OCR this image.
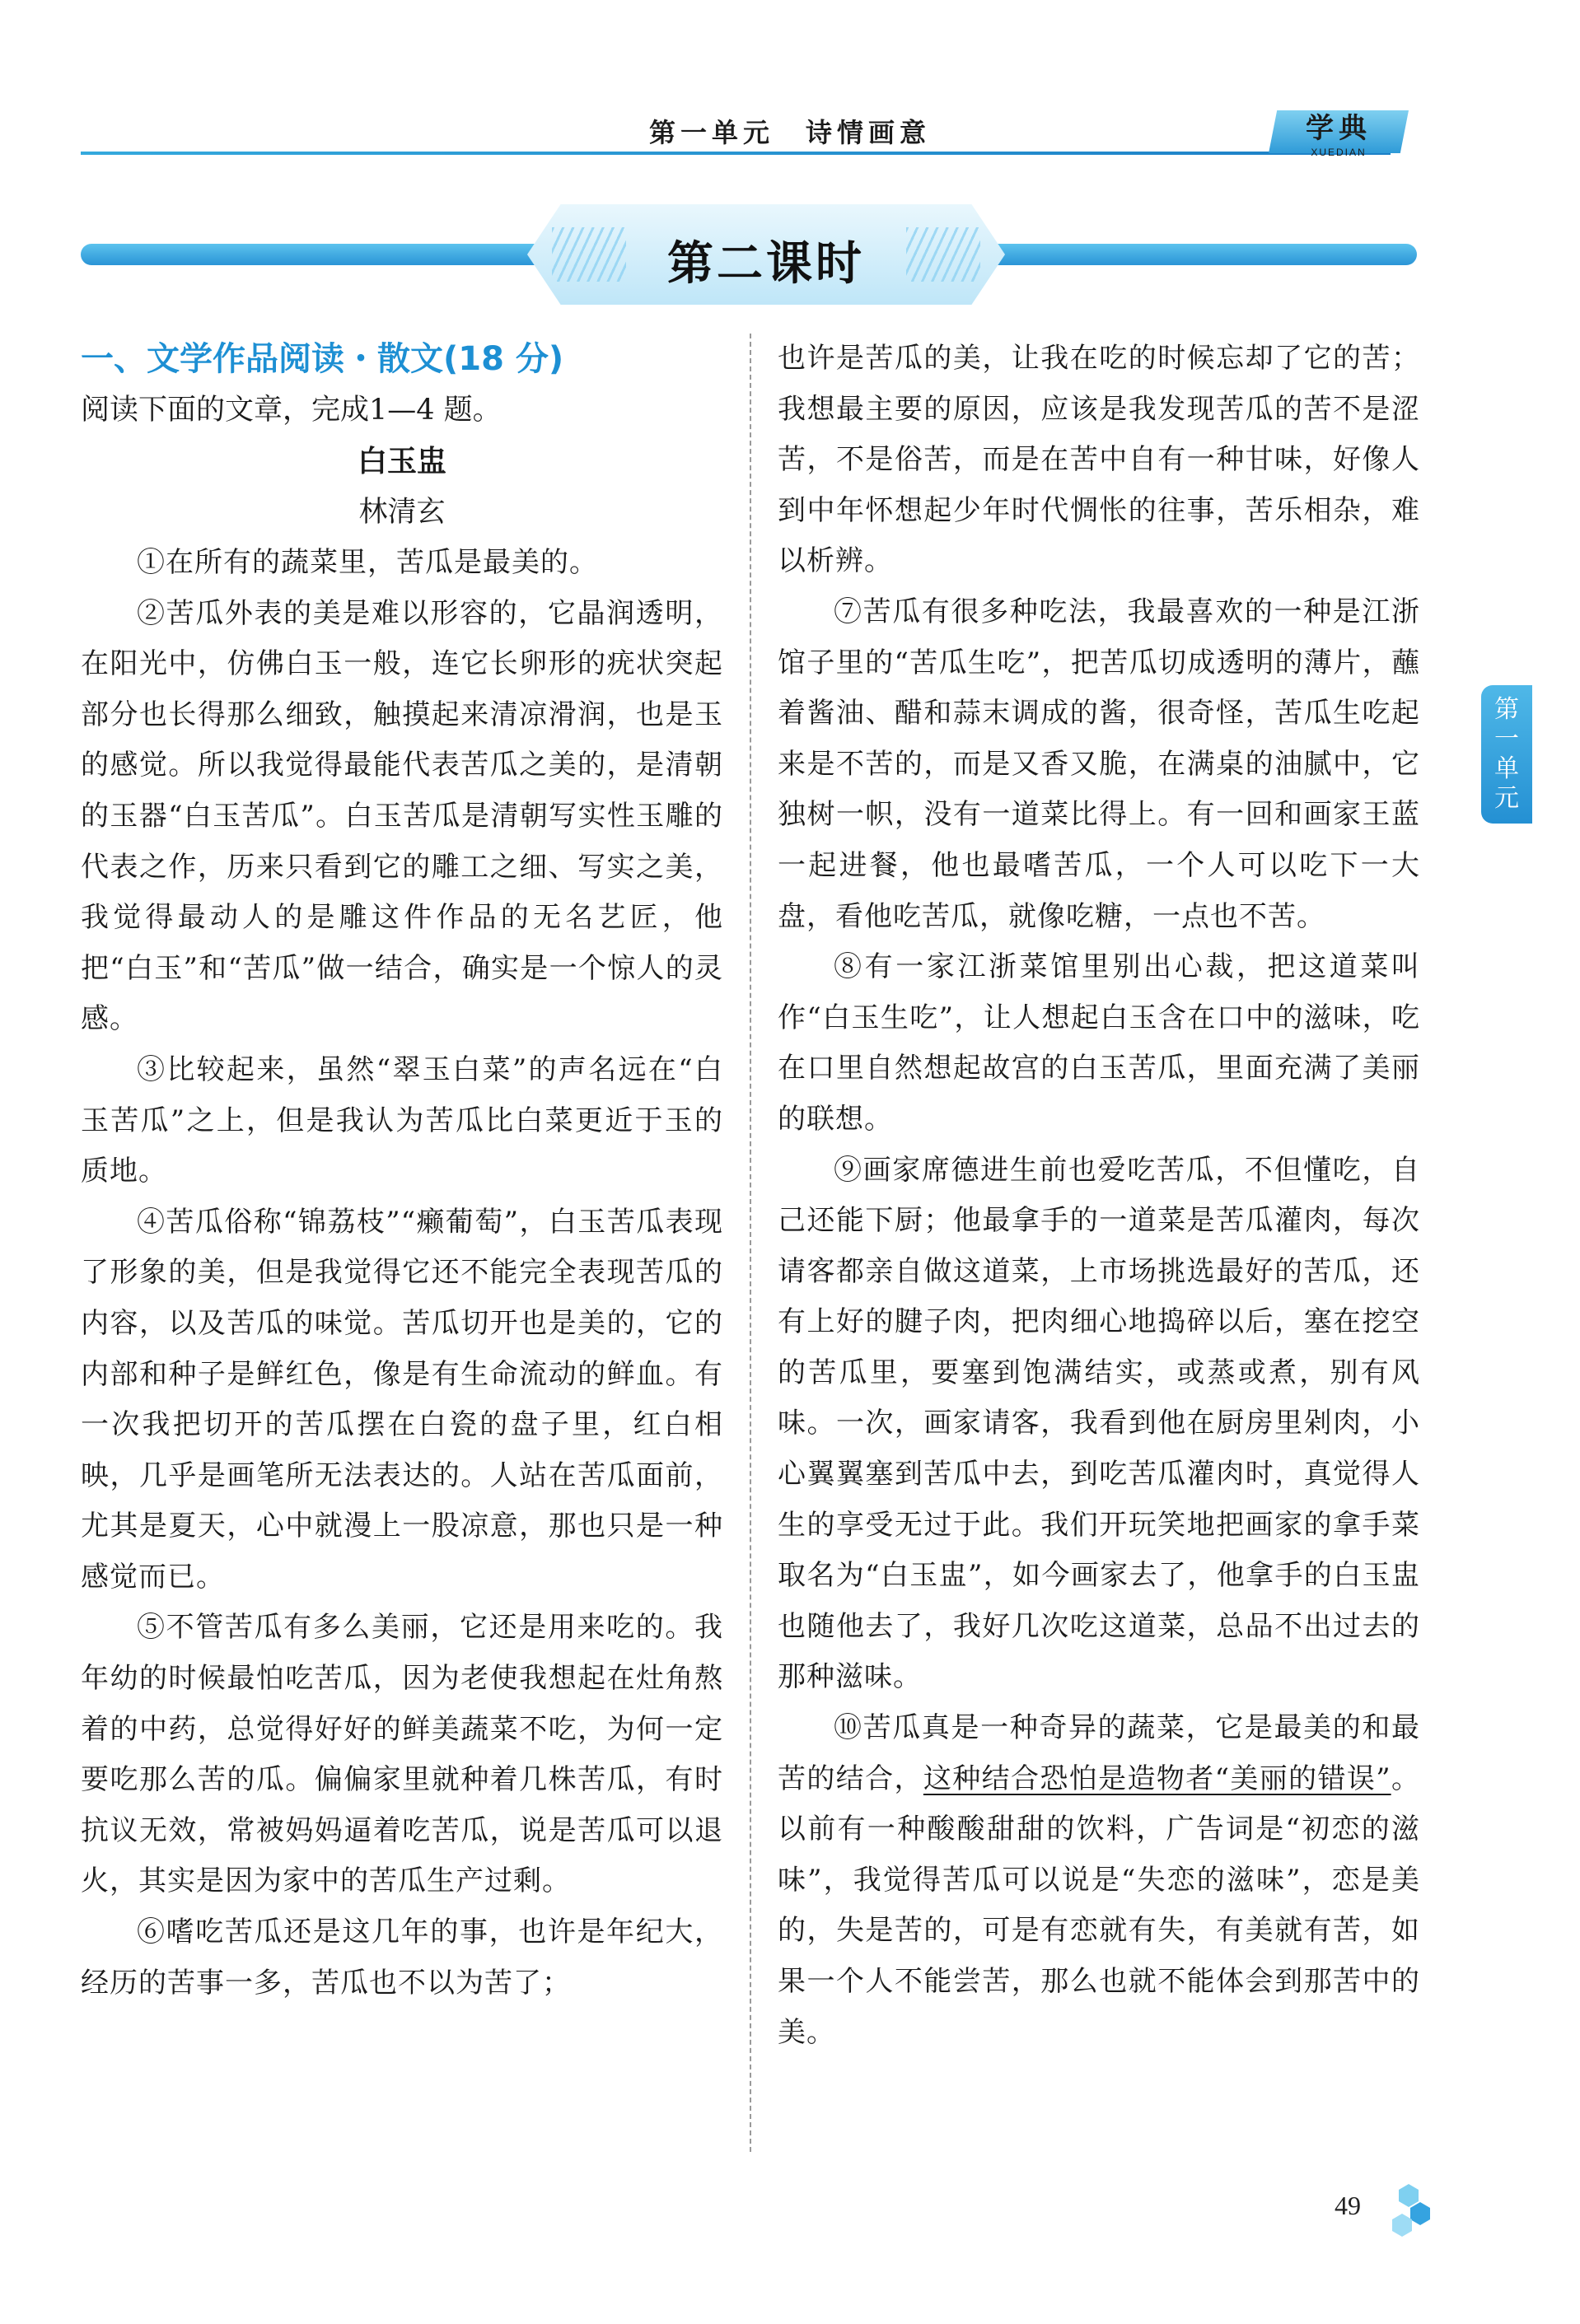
第一单元　诗情画意	学典
XUEDIAN
第二课时

一、文学作品阅读・散文(18 分)

阅读下面的文章，完成1—4 题。

白玉盅

林清玄

①在所有的蔬菜里，苦瓜是最美的。

②苦瓜外表的美是难以形容的，它晶润透明，在阳光中，仿佛白玉一般，连它长卵形的疣状突起部分也长得那么细致，触摸起来清凉滑润，也是玉的感觉。所以我觉得最能代表苦瓜之美的，是清朝的玉器“白玉苦瓜”。白玉苦瓜是清朝写实性玉雕的代表之作，历来只看到它的雕工之细、写实之美，我觉得最动人的是雕这件作品的无名艺匠，他把“白玉”和“苦瓜”做一结合，确实是一个惊人的灵感。

③比较起来，虽然“翠玉白菜”的声名远在“白玉苦瓜”之上，但是我认为苦瓜比白菜更近于玉的质地。

④苦瓜俗称“锦荔枝”“癞葡萄”，白玉苦瓜表现了形象的美，但是我觉得它还不能完全表现苦瓜的内容，以及苦瓜的味觉。苦瓜切开也是美的，它的内部和种子是鲜红色，像是有生命流动的鲜血。有一次我把切开的苦瓜摆在白瓷的盘子里，红白相映，几乎是画笔所无法表达的。人站在苦瓜面前，尤其是夏天，心中就漫上一股凉意，那也只是一种感觉而已。

⑤不管苦瓜有多么美丽，它还是用来吃的。我年幼的时候最怕吃苦瓜，因为老使我想起在灶角熬着的中药，总觉得好好的鲜美蔬菜不吃，为何一定要吃那么苦的瓜。偏偏家里就种着几株苦瓜，有时抗议无效，常被妈妈逼着吃苦瓜，说是苦瓜可以退火，其实是因为家中的苦瓜生产过剩。

⑥嗜吃苦瓜还是这几年的事，也许是年纪大，经历的苦事一多，苦瓜也不以为苦了；

也许是苦瓜的美，让我在吃的时候忘却了它的苦；我想最主要的原因，应该是我发现苦瓜的苦不是涩苦，不是俗苦，而是在苦中自有一种甘味，好像人到中年怀想起少年时代惆怅的往事，苦乐相杂，难以析辨。

⑦苦瓜有很多种吃法，我最喜欢的一种是江浙馆子里的“苦瓜生吃”，把苦瓜切成透明的薄片，蘸着酱油、醋和蒜末调成的酱，很奇怪，苦瓜生吃起来是不苦的，而是又香又脆，在满桌的油腻中，它独树一帜，没有一道菜比得上。有一回和画家王蓝一起进餐，他也最嗜苦瓜，一个人可以吃下一大盘，看他吃苦瓜，就像吃糖，一点也不苦。

⑧有一家江浙菜馆里别出心裁，把这道菜叫作“白玉生吃”，让人想起白玉含在口中的滋味，吃在口里自然想起故宫的白玉苦瓜，里面充满了美丽的联想。

⑨画家席德进生前也爱吃苦瓜，不但懂吃，自己还能下厨；他最拿手的一道菜是苦瓜灌肉，每次请客都亲自做这道菜，上市场挑选最好的苦瓜，还有上好的腱子肉，把肉细心地捣碎以后，塞在挖空的苦瓜里，要塞到饱满结实，或蒸或煮，别有风味。一次，画家请客，我看到他在厨房里剁肉，小心翼翼塞到苦瓜中去，到吃苦瓜灌肉时，真觉得人生的享受无过于此。我们开玩笑地把画家的拿手菜取名为“白玉盅”，如今画家去了，他拿手的白玉盅也随他去了，我好几次吃这道菜，总品不出过去的那种滋味。

⑩苦瓜真是一种奇异的蔬菜，它是最美的和最苦的结合，这种结合恐怕是造物者“美丽的错误”。以前有一种酸酸甜甜的饮料，广告词是“初恋的滋味”，我觉得苦瓜可以说是“失恋的滋味”，恋是美的，失是苦的，可是有恋就有失，有美就有苦，如果一个人不能尝苦，那么也就不能体会到那苦中的美。

第
一
单
元
49
